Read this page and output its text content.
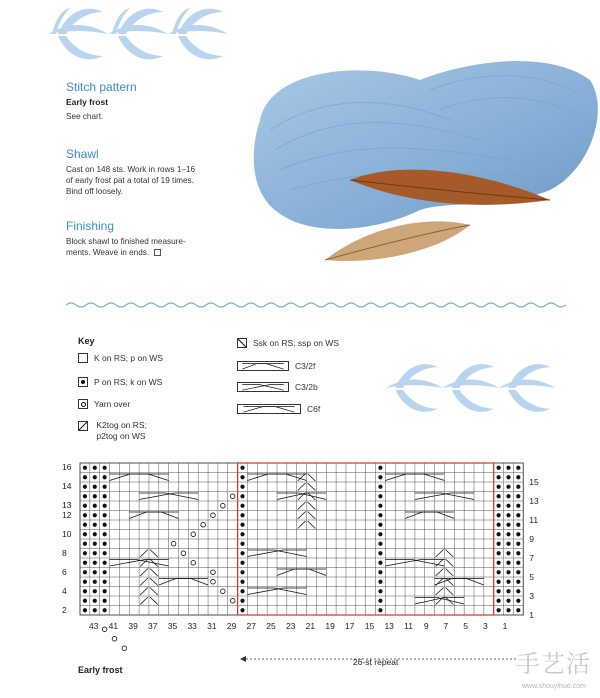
Stitch pattern
Early frost
See chart.
Shawl
Cast on 148 sts. Work in rows 1–16
of early frost pat a total of 19 times.
Bind off loosely.
Finishing
Block shawl to finished measure-
ments. Weave in ends.
Key
K on RS; p on WS
P on RS; k on WS
Yarn over
K2tog on RS;
p2tog on WS
Ssk on RS; ssp on WS
C3/2f
C3/2b
C6f
16
14
13
12
10
8
6
4
2
15
13
11
9
7
5
3
1
43 41 39 37 35 33 31 29 27 25 23 21 19 17 15 13 11 9 7 5 3 1
26-st repeat
Early frost	手艺活
www.shouyihuo.com
